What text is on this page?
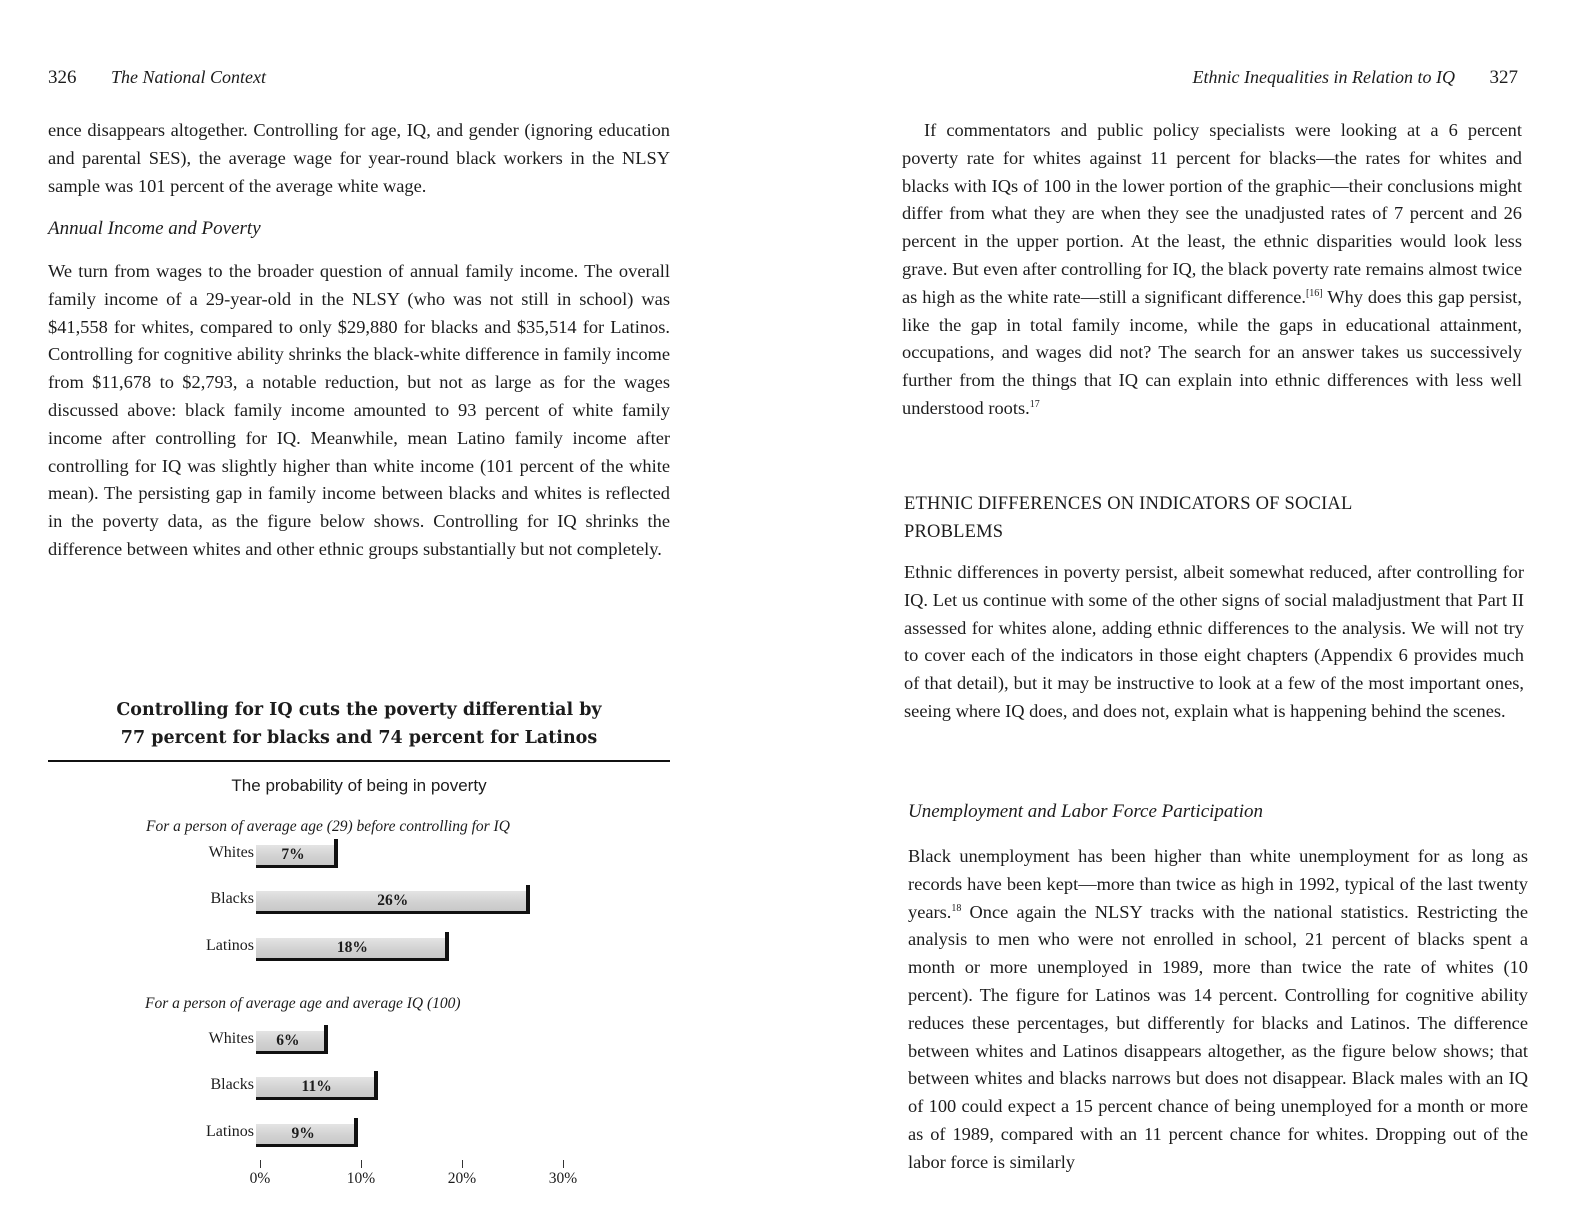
326 The National Context

ence disappears altogether. Controlling for age, IQ, and gender (ignoring education and parental SES), the average wage for year-round black workers in the NLSY sample was 101 percent of the average white wage.

Annual Income and Poverty

We turn from wages to the broader question of annual family income. The overall family income of a 29-year-old in the NLSY (who was not still in school) was $41,558 for whites, compared to only $29,880 for blacks and $35,514 for Latinos. Controlling for cognitive ability shrinks the black-white difference in family income from $11,678 to $2,793, a notable reduction, but not as large as for the wages discussed above: black family income amounted to 93 percent of white family income after controlling for IQ. Meanwhile, mean Latino family income after controlling for IQ was slightly higher than white income (101 percent of the white mean). The persisting gap in family income between blacks and whites is reflected in the poverty data, as the figure below shows. Controlling for IQ shrinks the difference between whites and other ethnic groups substantially but not completely.

Controlling for IQ cuts the poverty differential by
77 percent for blacks and 74 percent for Latinos
The probability of being in poverty
For a person of average age (29) before controlling for IQ
For a person of average age and average IQ (100)
Whites 7%
Blacks	26%
Latinos	18%
Whites 6%
Blacks	11%
Latinos 9%
0%	10%	20%	30%
Ethnic Inequalities in Relation to IQ 327

If commentators and public policy specialists were looking at a 6 percent poverty rate for whites against 11 percent for blacks—the rates for whites and blacks with IQs of 100 in the lower portion of the graphic—their conclusions might differ from what they are when they see the unadjusted rates of 7 percent and 26 percent in the upper portion. At the least, the ethnic disparities would look less grave. But even after controlling for IQ, the black poverty rate remains almost twice as high as the white rate—still a significant difference.[16] Why does this gap persist, like the gap in total family income, while the gaps in educational attainment, occupations, and wages did not? The search for an answer takes us successively further from the things that IQ can explain into ethnic differences with less well understood roots.$^{17}$

ETHNIC DIFFERENCES ON INDICATORS OF SOCIAL PROBLEMS

Ethnic differences in poverty persist, albeit somewhat reduced, after controlling for IQ. Let us continue with some of the other signs of social maladjustment that Part II assessed for whites alone, adding ethnic differences to the analysis. We will not try to cover each of the indicators in those eight chapters (Appendix 6 provides much of that detail), but it may be instructive to look at a few of the most important ones, seeing where IQ does, and does not, explain what is happening behind the scenes.

Unemployment and Labor Force Participation

Black unemployment has been higher than white unemployment for as long as records have been kept—more than twice as high in 1992, typical of the last twenty years.$^{18}$ Once again the NLSY tracks with the national statistics. Restricting the analysis to men who were not enrolled in school, 21 percent of blacks spent a month or more unemployed in 1989, more than twice the rate of whites (10 percent). The figure for Latinos was 14 percent. Controlling for cognitive ability reduces these percentages, but differently for blacks and Latinos. The difference between whites and Latinos disappears altogether, as the figure below shows; that between whites and blacks narrows but does not disappear. Black males with an IQ of 100 could expect a 15 percent chance of being unemployed for a month or more as of 1989, compared with an 11 percent chance for whites. Dropping out of the labor force is similarly
